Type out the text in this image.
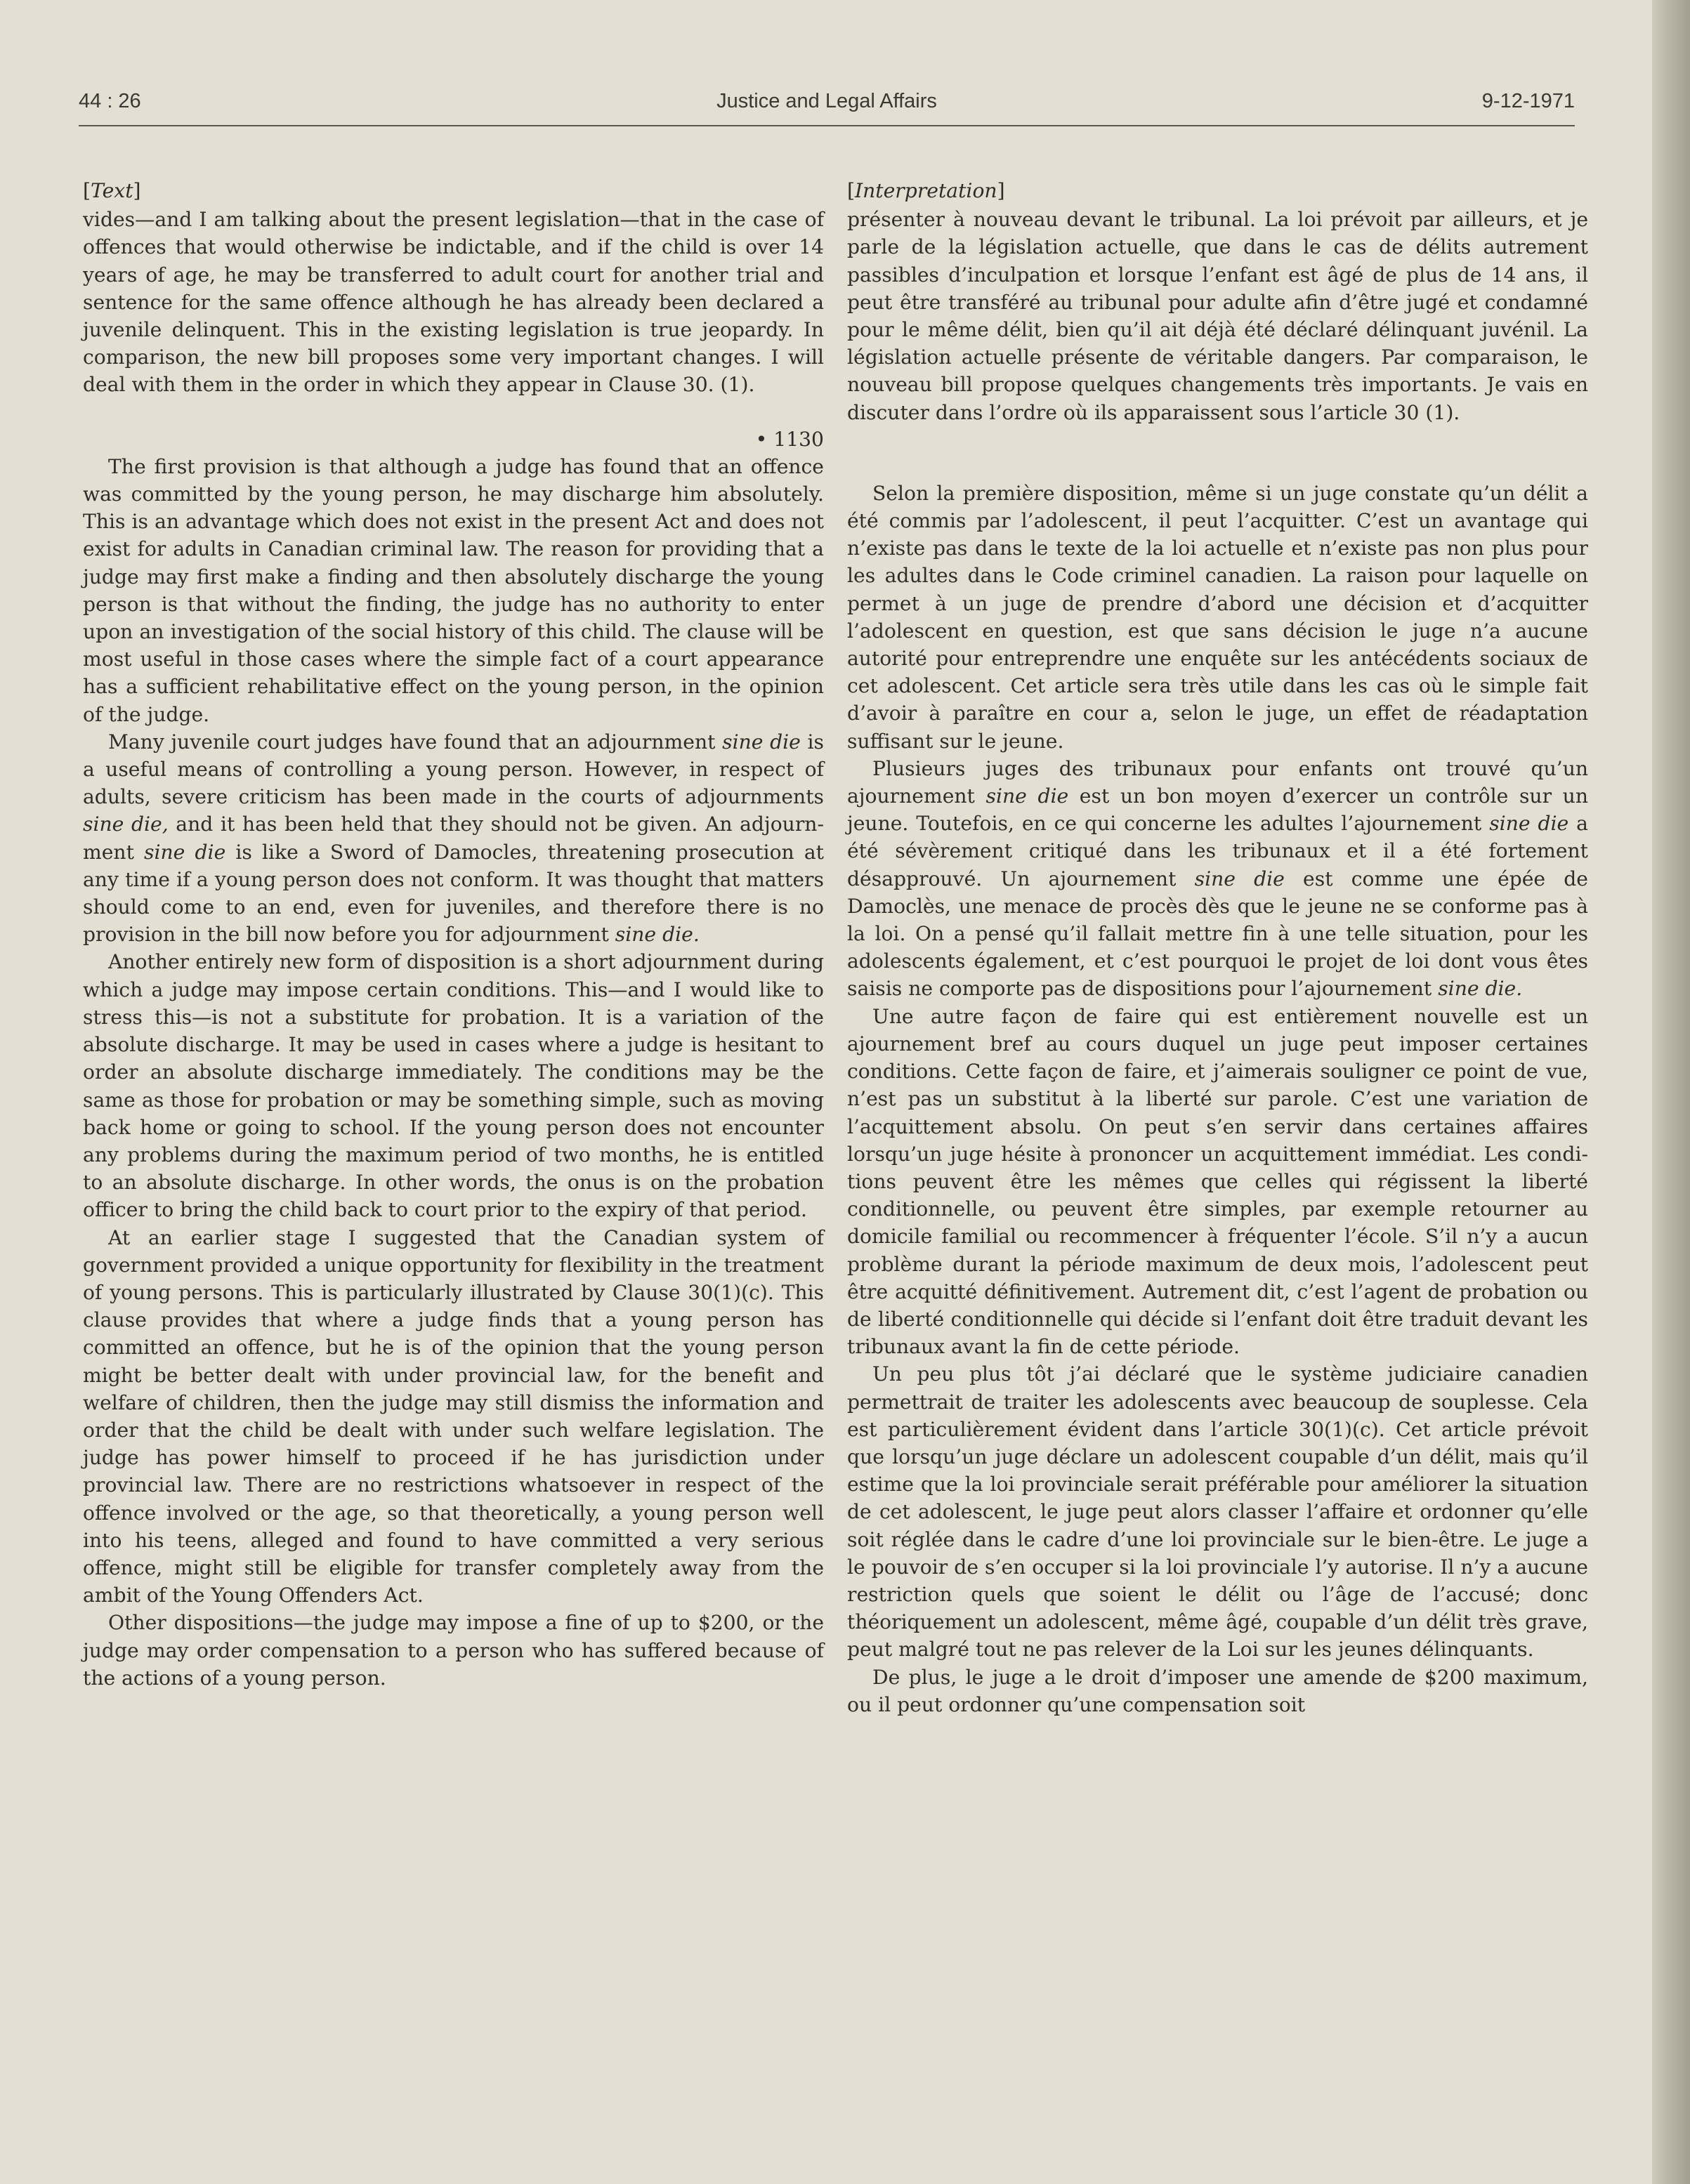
44 : 26	Justice and Legal Affairs	9-12-1971
[Text]

vides—and I am talking about the present legislation—that in the case of offences that would otherwise be indictable, and if the child is over 14 years of age, he may be transferred to adult court for another trial and sentence for the same offence although he has already been declared a juvenile delinquent. This in the existing legislation is true jeopardy. In comparison, the new bill proposes some very important changes. I will deal with them in the order in which they appear in Clause 30. (1).

• 1130

The first provision is that although a judge has found that an offence was committed by the young person, he may discharge him absolutely. This is an advantage which does not exist in the present Act and does not exist for adults in Canadian criminal law. The reason for providing that a judge may first make a finding and then absolutely discharge the young person is that without the finding, the judge has no authority to enter upon an investigation of the social history of this child. The clause will be most useful in those cases where the simple fact of a court appearance has a sufficient rehabilitative effect on the young person, in the opinion of the judge.

Many juvenile court judges have found that an adjournment sine die is a useful means of controlling a young person. However, in respect of adults, severe criticism has been made in the courts of adjournments sine die, and it has been held that they should not be given. An adjournment sine die is like a Sword of Damocles, threatening prosecution at any time if a young person does not conform. It was thought that matters should come to an end, even for juveniles, and therefore there is no provision in the bill now before you for adjournment sine die.

Another entirely new form of disposition is a short adjournment during which a judge may impose certain conditions. This—and I would like to stress this—is not a substitute for probation. It is a variation of the absolute discharge. It may be used in cases where a judge is hesitant to order an absolute discharge immediately. The conditions may be the same as those for probation or may be something simple, such as moving back home or going to school. If the young person does not encounter any problems during the maximum period of two months, he is entitled to an absolute discharge. In other words, the onus is on the probation officer to bring the child back to court prior to the expiry of that period.

At an earlier stage I suggested that the Canadian system of government provided a unique opportunity for flexibility in the treatment of young persons. This is particularly illustrated by Clause 30(1)(c). This clause provides that where a judge finds that a young person has committed an offence, but he is of the opinion that the young person might be better dealt with under provincial law, for the benefit and welfare of children, then the judge may still dismiss the information and order that the child be dealt with under such welfare legislation. The judge has power himself to proceed if he has jurisdiction under provincial law. There are no restrictions whatsoever in respect of the offence involved or the age, so that theoretically, a young person well into his teens, alleged and found to have committed a very serious offence, might still be eligible for transfer completely away from the ambit of the Young Offenders Act.

Other dispositions—the judge may impose a fine of up to $200, or the judge may order compensation to a person who has suffered because of the actions of a young person.

[Interpretation]

présenter à nouveau devant le tribunal. La loi prévoit par ailleurs, et je parle de la législation actuelle, que dans le cas de délits autrement passibles d’inculpation et lorsque l’enfant est âgé de plus de 14 ans, il peut être transféré au tribunal pour adulte afin d’être jugé et condamné pour le même délit, bien qu’il ait déjà été déclaré délinquant juvénil. La législation actuelle présente de véritable dangers. Par comparaison, le nouveau bill propose quelques changements très importants. Je vais en discuter dans l’ordre où ils apparaissent sous l’article 30 (1).

Selon la première disposition, même si un juge constate qu’un délit a été commis par l’adolescent, il peut l’acquitter. C’est un avantage qui n’existe pas dans le texte de la loi actuelle et n’existe pas non plus pour les adultes dans le Code criminel canadien. La raison pour laquelle on permet à un juge de prendre d’abord une décision et d’acquitter l’adolescent en question, est que sans décision le juge n’a aucune autorité pour entreprendre une enquête sur les antécédents sociaux de cet adolescent. Cet article sera très utile dans les cas où le simple fait d’avoir à paraître en cour a, selon le juge, un effet de réadaptation suffisant sur le jeune.

Plusieurs juges des tribunaux pour enfants ont trouvé qu’un ajournement sine die est un bon moyen d’exercer un contrôle sur un jeune. Toutefois, en ce qui concerne les adultes l’ajournement sine die a été sévèrement critiqué dans les tribunaux et il a été fortement désapprouvé. Un ajournement sine die est comme une épée de Damoclès, une menace de procès dès que le jeune ne se conforme pas à la loi. On a pensé qu’il fallait mettre fin à une telle situation, pour les adolescents également, et c’est pourquoi le projet de loi dont vous êtes saisis ne comporte pas de dispositions pour l’ajournement sine die.

Une autre façon de faire qui est entièrement nouvelle est un ajournement bref au cours duquel un juge peut imposer certaines conditions. Cette façon de faire, et j’aimerais souligner ce point de vue, n’est pas un substitut à la liberté sur parole. C’est une variation de l’acquittement absolu. On peut s’en servir dans certaines affaires lorsqu’un juge hésite à prononcer un acquittement immédiat. Les conditions peuvent être les mêmes que celles qui régissent la liberté conditionnelle, ou peuvent être simples, par exemple retourner au domicile familial ou recommencer à fréquenter l’école. S’il n’y a aucun problème durant la période maximum de deux mois, l’adolescent peut être acquitté définitivement. Autrement dit, c’est l’agent de probation ou de liberté conditionnelle qui décide si l’enfant doit être traduit devant les tribunaux avant la fin de cette période.

Un peu plus tôt j’ai déclaré que le système judiciaire canadien permettrait de traiter les adolescents avec beaucoup de souplesse. Cela est particulièrement évident dans l’article 30(1)(c). Cet article prévoit que lorsqu’un juge déclare un adolescent coupable d’un délit, mais qu’il estime que la loi provinciale serait préférable pour améliorer la situation de cet adolescent, le juge peut alors classer l’affaire et ordonner qu’elle soit réglée dans le cadre d’une loi provinciale sur le bien-être. Le juge a le pouvoir de s’en occuper si la loi provinciale l’y autorise. Il n’y a aucune restriction quels que soient le délit ou l’âge de l’accusé; donc théoriquement un adolescent, même âgé, coupable d’un délit très grave, peut malgré tout ne pas relever de la Loi sur les jeunes délinquants.

De plus, le juge a le droit d’imposer une amende de $200 maximum, ou il peut ordonner qu’une compensation soit
